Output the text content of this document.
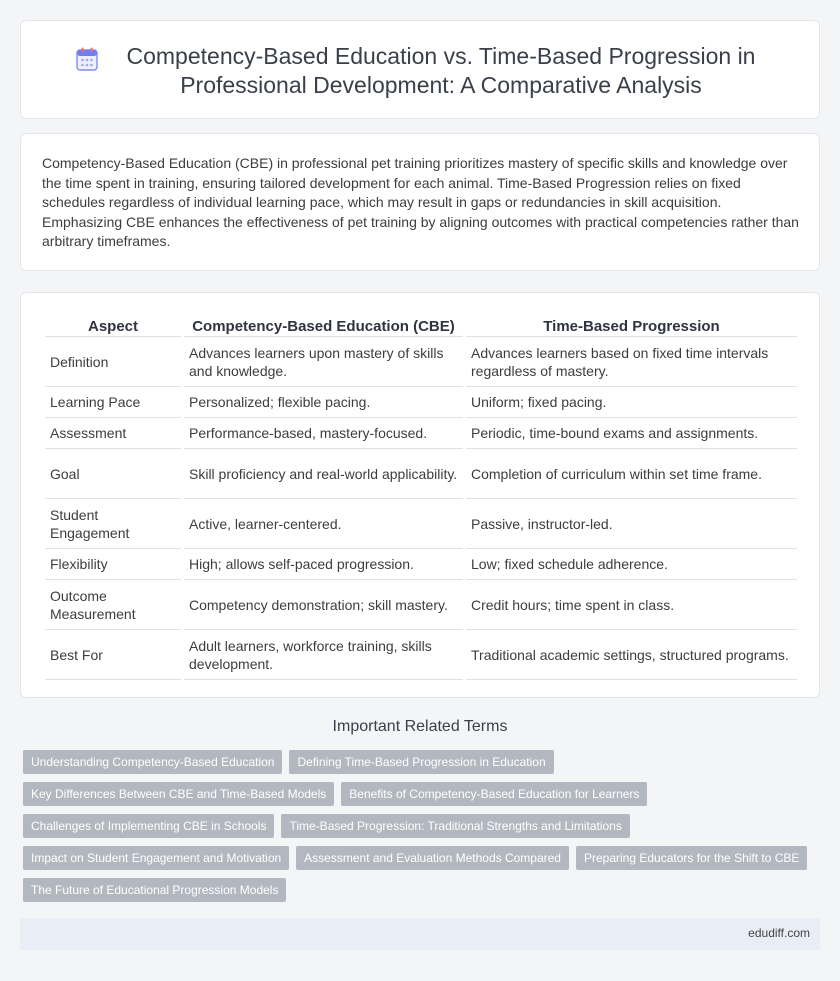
Competency-Based Education vs. Time-Based Progression in Professional Development: A Comparative Analysis

Competency-Based Education (CBE) in professional pet training prioritizes mastery of specific skills and knowledge over the time spent in training, ensuring tailored development for each animal. Time-Based Progression relies on fixed schedules regardless of individual learning pace, which may result in gaps or redundancies in skill acquisition. Emphasizing CBE enhances the effectiveness of pet training by aligning outcomes with practical competencies rather than arbitrary timeframes.

Aspect	Competency-Based Education (CBE)	Time-Based Progression
Definition	Advances learners upon mastery of skills and knowledge.	Advances learners based on fixed time intervals regardless of mastery.
Learning Pace	Personalized; flexible pacing.	Uniform; fixed pacing.
Assessment	Performance-based, mastery-focused.	Periodic, time-bound exams and assignments.
Goal	Skill proficiency and real-world applicability.	Completion of curriculum within set time frame.
Student Engagement	Active, learner-centered.	Passive, instructor-led.
Flexibility	High; allows self-paced progression.	Low; fixed schedule adherence.
Outcome Measurement	Competency demonstration; skill mastery.	Credit hours; time spent in class.
Best For	Adult learners, workforce training, skills development.	Traditional academic settings, structured programs.
Important Related Terms
Understanding Competency-Based Education	Defining Time-Based Progression in Education
Key Differences Between CBE and Time-Based Models	Benefits of Competency-Based Education for Learners
Challenges of Implementing CBE in Schools	Time-Based Progression: Traditional Strengths and Limitations
Impact on Student Engagement and Motivation	Assessment and Evaluation Methods Compared	Preparing Educators for the Shift to CBE
The Future of Educational Progression Models
edudiff.com
